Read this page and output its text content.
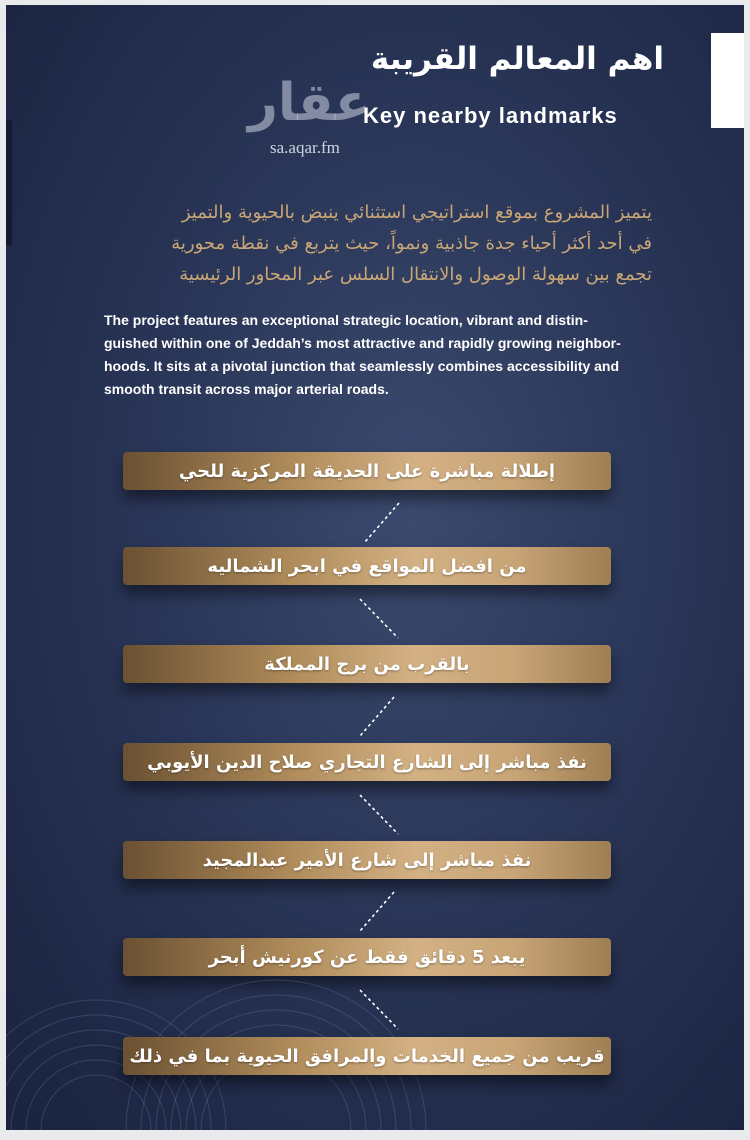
اهم المعالم القريبة
عقار
Key nearby landmarks
sa.aqar.fm
يتميز المشروع بموقع استراتيجي استثنائي ينبض بالحيوية والتميز
في أحد أكثر أحياء جدة جاذبية ونمواً، حيث يتربع في نقطة محورية
تجمع بين سهولة الوصول والانتقال السلس عبر المحاور الرئيسية
The project features an exceptional strategic location, vibrant and distin-
guished within one of Jeddah’s most attractive and rapidly growing neighbor-
hoods. It sits at a pivotal junction that seamlessly combines accessibility and
smooth transit across major arterial roads.
إطلالة مباشرة على الحديقة المركزية للحي
من افضل المواقع في ابحر الشماليه
بالقرب من برج المملكة
نفذ مباشر إلى الشارع التجاري صلاح الدين الأيوبي
نفذ مباشر إلى شارع الأمير عبدالمجيد
يبعد 5 دقائق فقط عن كورنيش أبحر
قريب من جميع الخدمات والمرافق الحيوية بما في ذلك
